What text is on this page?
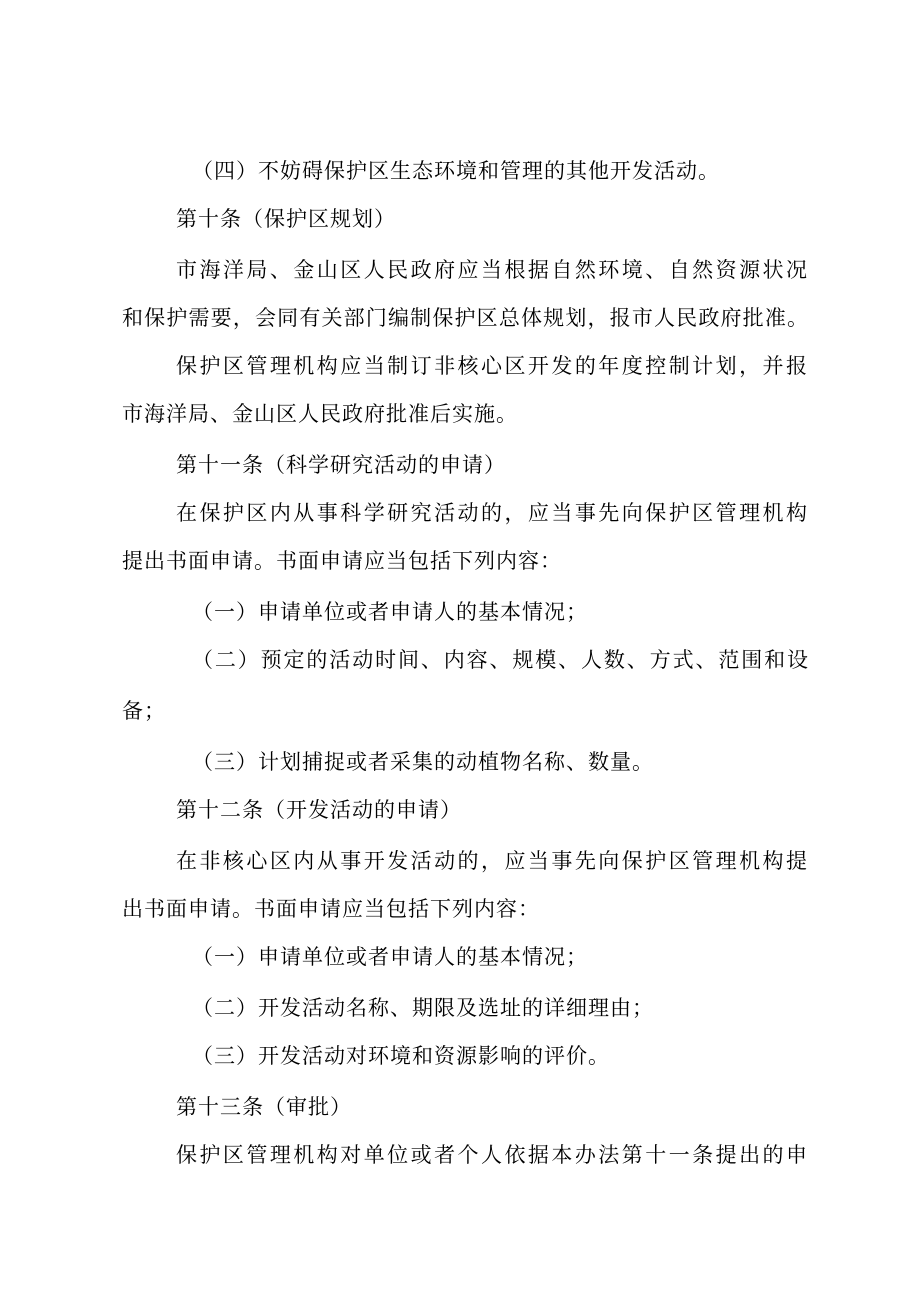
（四）不妨碍保护区生态环境和管理的其他开发活动。
第十条（保护区规划）
市海洋局、金山区人民政府应当根据自然环境、自然资源状况
和保护需要，会同有关部门编制保护区总体规划，报市人民政府批准。
保护区管理机构应当制订非核心区开发的年度控制计划，并报
市海洋局、金山区人民政府批准后实施。
第十一条（科学研究活动的申请）
在保护区内从事科学研究活动的，应当事先向保护区管理机构
提出书面申请。书面申请应当包括下列内容：
（一）申请单位或者申请人的基本情况；
（二）预定的活动时间、内容、规模、人数、方式、范围和设
备；
（三）计划捕捉或者采集的动植物名称、数量。
第十二条（开发活动的申请）
在非核心区内从事开发活动的，应当事先向保护区管理机构提
出书面申请。书面申请应当包括下列内容：
（一）申请单位或者申请人的基本情况；
（二）开发活动名称、期限及选址的详细理由；
（三）开发活动对环境和资源影响的评价。
第十三条（审批）
保护区管理机构对单位或者个人依据本办法第十一条提出的申
